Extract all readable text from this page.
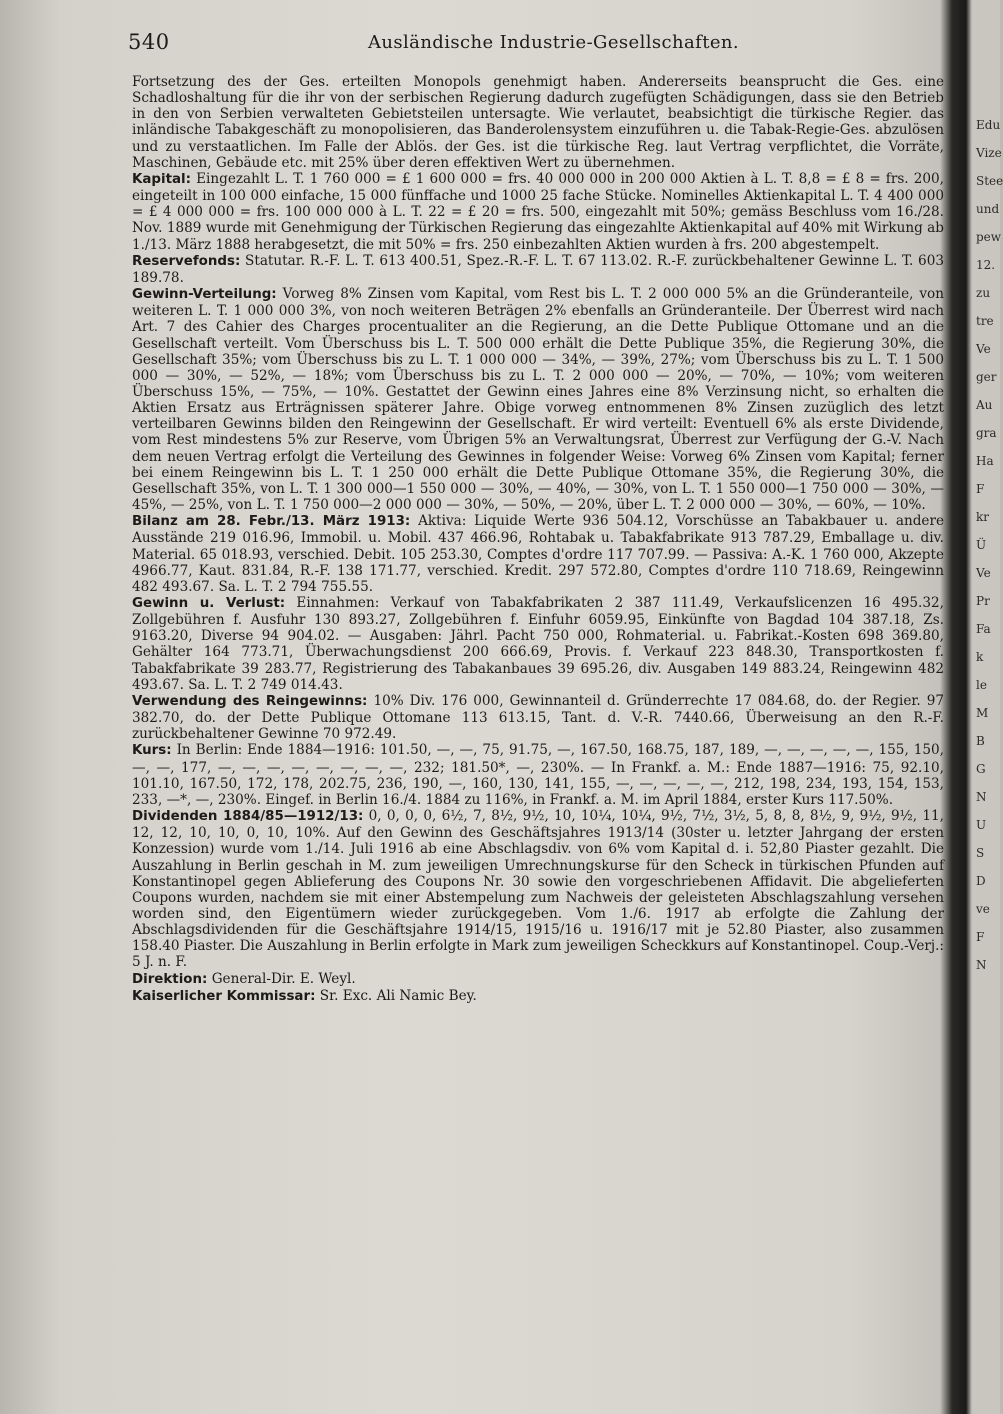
540	Ausländische Industrie-Gesellschaften.

Fortsetzung des der Ges. erteilten Monopols genehmigt haben. Andererseits beansprucht die Ges. eine Schadloshaltung für die ihr von der serbischen Regierung dadurch zugefügten Schädigungen, dass sie den Betrieb in den von Serbien verwalteten Gebietsteilen untersagte. Wie verlautet, beabsichtigt die türkische Regier. das inländische Tabakgeschäft zu monopolisieren, das Banderolensystem einzuführen u. die Tabak-Regie-Ges. abzulösen und zu verstaatlichen. Im Falle der Ablös. der Ges. ist die türkische Reg. laut Vertrag verpflichtet, die Vorräte, Maschinen, Gebäude etc. mit 25% über deren effektiven Wert zu übernehmen.

Kapital: Eingezahlt L. T. 1 760 000 = £ 1 600 000 = frs. 40 000 000 in 200 000 Aktien à L. T. 8,8 = £ 8 = frs. 200, eingeteilt in 100 000 einfache, 15 000 fünffache und 1000 25 fache Stücke. Nominelles Aktienkapital L. T. 4 400 000 = £ 4 000 000 = frs. 100 000 000 à L. T. 22 = £ 20 = frs. 500, eingezahlt mit 50%; gemäss Beschluss vom 16./28. Nov. 1889 wurde mit Genehmigung der Türkischen Regierung das eingezahlte Aktienkapital auf 40% mit Wirkung ab 1./13. März 1888 herabgesetzt, die mit 50% = frs. 250 einbezahlten Aktien wurden à frs. 200 abgestempelt.

Reservefonds: Statutar. R.-F. L. T. 613 400.51, Spez.-R.-F. L. T. 67 113.02. R.-F. zurückbehaltener Gewinne L. T. 603 189.78.

Gewinn-Verteilung: Vorweg 8% Zinsen vom Kapital, vom Rest bis L. T. 2 000 000 5% an die Gründeranteile, von weiteren L. T. 1 000 000 3%, von noch weiteren Beträgen 2% ebenfalls an Gründeranteile. Der Überrest wird nach Art. 7 des Cahier des Charges procentualiter an die Regierung, an die Dette Publique Ottomane und an die Gesellschaft verteilt. Vom Überschuss bis L. T. 500 000 erhält die Dette Publique 35%, die Regierung 30%, die Gesellschaft 35%; vom Überschuss bis zu L. T. 1 000 000 — 34%, — 39%, 27%; vom Überschuss bis zu L. T. 1 500 000 — 30%, — 52%, — 18%; vom Überschuss bis zu L. T. 2 000 000 — 20%, — 70%, — 10%; vom weiteren Überschuss 15%, — 75%, — 10%. Gestattet der Gewinn eines Jahres eine 8% Verzinsung nicht, so erhalten die Aktien Ersatz aus Erträgnissen späterer Jahre. Obige vorweg entnommenen 8% Zinsen zuzüglich des letzt verteilbaren Gewinns bilden den Reingewinn der Gesellschaft. Er wird verteilt: Eventuell 6% als erste Dividende, vom Rest mindestens 5% zur Reserve, vom Übrigen 5% an Verwaltungsrat, Überrest zur Verfügung der G.-V. Nach dem neuen Vertrag erfolgt die Verteilung des Gewinnes in folgender Weise: Vorweg 6% Zinsen vom Kapital; ferner bei einem Reingewinn bis L. T. 1 250 000 erhält die Dette Publique Ottomane 35%, die Regierung 30%, die Gesellschaft 35%, von L. T. 1 300 000—1 550 000 — 30%, — 40%, — 30%, von L. T. 1 550 000—1 750 000 — 30%, — 45%, — 25%, von L. T. 1 750 000—2 000 000 — 30%, — 50%, — 20%, über L. T. 2 000 000 — 30%, — 60%, — 10%.

Bilanz am 28. Febr./13. März 1913: Aktiva: Liquide Werte 936 504.12, Vorschüsse an Tabakbauer u. andere Ausstände 219 016.96, Immobil. u. Mobil. 437 466.96, Rohtabak u. Tabakfabrikate 913 787.29, Emballage u. div. Material. 65 018.93, verschied. Debit. 105 253.30, Comptes d'ordre 117 707.99. — Passiva: A.-K. 1 760 000, Akzepte 4966.77, Kaut. 831.84, R.-F. 138 171.77, verschied. Kredit. 297 572.80, Comptes d'ordre 110 718.69, Reingewinn 482 493.67. Sa. L. T. 2 794 755.55.

Gewinn u. Verlust: Einnahmen: Verkauf von Tabakfabrikaten 2 387 111.49, Verkaufslicenzen 16 495.32, Zollgebühren f. Ausfuhr 130 893.27, Zollgebühren f. Einfuhr 6059.95, Einkünfte von Bagdad 104 387.18, Zs. 9163.20, Diverse 94 904.02. — Ausgaben: Jährl. Pacht 750 000, Rohmaterial. u. Fabrikat.-Kosten 698 369.80, Gehälter 164 773.71, Überwachungsdienst 200 666.69, Provis. f. Verkauf 223 848.30, Transportkosten f. Tabakfabrikate 39 283.77, Registrierung des Tabakanbaues 39 695.26, div. Ausgaben 149 883.24, Reingewinn 482 493.67. Sa. L. T. 2 749 014.43.

Verwendung des Reingewinns: 10% Div. 176 000, Gewinnanteil d. Gründerrechte 17 084.68, do. der Regier. 97 382.70, do. der Dette Publique Ottomane 113 613.15, Tant. d. V.-R. 7440.66, Überweisung an den R.-F. zurückbehaltener Gewinne 70 972.49.

Kurs: In Berlin: Ende 1884—1916: 101.50, —, —, 75, 91.75, —, 167.50, 168.75, 187, 189, —, —, —, —, —, 155, 150, —, —, 177, —, —, —, —, —, —, —, —, 232; 181.50*, —, 230%. — In Frankf. a. M.: Ende 1887—1916: 75, 92.10, 101.10, 167.50, 172, 178, 202.75, 236, 190, —, 160, 130, 141, 155, —, —, —, —, —, 212, 198, 234, 193, 154, 153, 233, —*, —, 230%. Eingef. in Berlin 16./4. 1884 zu 116%, in Frankf. a. M. im April 1884, erster Kurs 117.50%.

Dividenden 1884/85—1912/13: 0, 0, 0, 0, 6½, 7, 8½, 9½, 10, 10¼, 10¼, 9½, 7½, 3½, 5, 8, 8, 8½, 9, 9½, 9½, 11, 12, 12, 10, 10, 0, 10, 10%. Auf den Gewinn des Geschäftsjahres 1913/14 (30ster u. letzter Jahrgang der ersten Konzession) wurde vom 1./14. Juli 1916 ab eine Abschlagsdiv. von 6% vom Kapital d. i. 52,80 Piaster gezahlt. Die Auszahlung in Berlin geschah in M. zum jeweiligen Umrechnungskurse für den Scheck in türkischen Pfunden auf Konstantinopel gegen Ablieferung des Coupons Nr. 30 sowie den vorgeschriebenen Affidavit. Die abgelieferten Coupons wurden, nachdem sie mit einer Abstempelung zum Nachweis der geleisteten Abschlagszahlung versehen worden sind, den Eigentümern wieder zurückgegeben. Vom 1./6. 1917 ab erfolgte die Zahlung der Abschlagsdividenden für die Geschäftsjahre 1914/15, 1915/16 u. 1916/17 mit je 52.80 Piaster, also zusammen 158.40 Piaster. Die Auszahlung in Berlin erfolgte in Mark zum jeweiligen Scheckkurs auf Konstantinopel. Coup.-Verj.: 5 J. n. F.

Direktion: General-Dir. E. Weyl.

Kaiserlicher Kommissar: Sr. Exc. Ali Namic Bey.

Edu
Vize
Stee
und
pew
12.
zu
tre
Ve
ger
Au
gra
Ha
F
kr
Ü
Ve
Pr
Fa
k
le
M
B
G
N
U
S
D
ve
F
N
